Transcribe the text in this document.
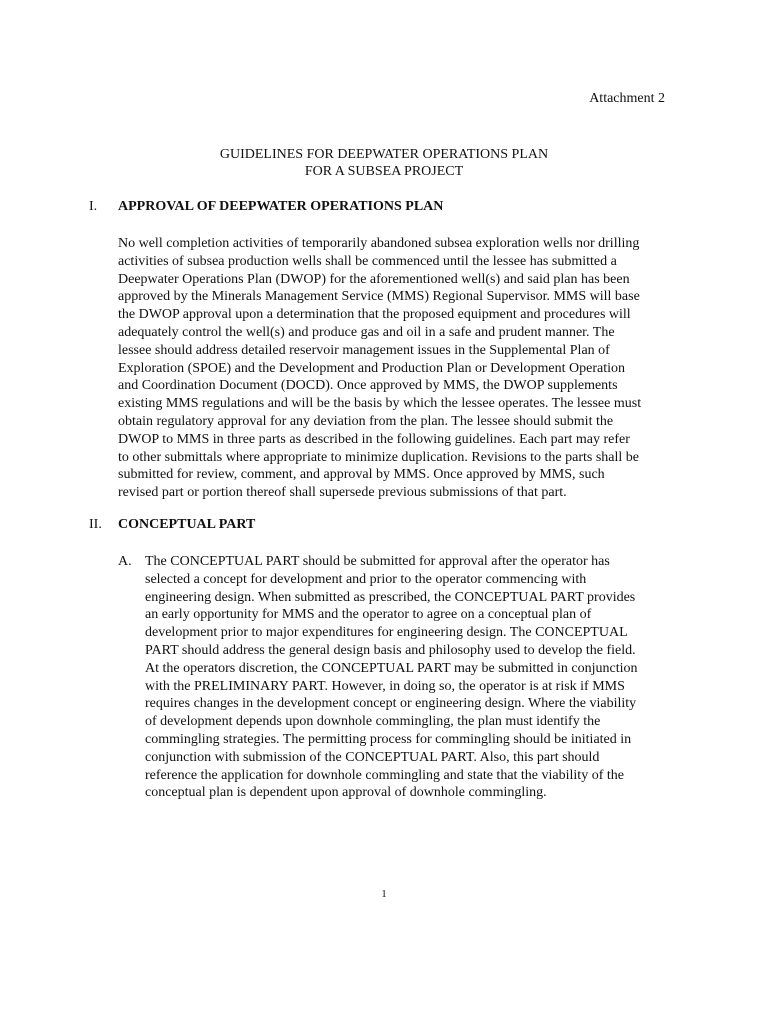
Attachment 2
GUIDELINES FOR DEEPWATER OPERATIONS PLAN
FOR A SUBSEA PROJECT
I. APPROVAL OF DEEPWATER OPERATIONS PLAN
No well completion activities of temporarily abandoned subsea exploration wells nor drilling
activities of subsea production wells shall be commenced until the lessee has submitted a
Deepwater Operations Plan (DWOP) for the aforementioned well(s) and said plan has been
approved by the Minerals Management Service (MMS) Regional Supervisor. MMS will base
the DWOP approval upon a determination that the proposed equipment and procedures will
adequately control the well(s) and produce gas and oil in a safe and prudent manner. The
lessee should address detailed reservoir management issues in the Supplemental Plan of
Exploration (SPOE) and the Development and Production Plan or Development Operation
and Coordination Document (DOCD). Once approved by MMS, the DWOP supplements
existing MMS regulations and will be the basis by which the lessee operates. The lessee must
obtain regulatory approval for any deviation from the plan. The lessee should submit the
DWOP to MMS in three parts as described in the following guidelines. Each part may refer
to other submittals where appropriate to minimize duplication. Revisions to the parts shall be
submitted for review, comment, and approval by MMS. Once approved by MMS, such
revised part or portion thereof shall supersede previous submissions of that part.
II. CONCEPTUAL PART
A. The CONCEPTUAL PART should be submitted for approval after the operator has
selected a concept for development and prior to the operator commencing with
engineering design. When submitted as prescribed, the CONCEPTUAL PART provides
an early opportunity for MMS and the operator to agree on a conceptual plan of
development prior to major expenditures for engineering design. The CONCEPTUAL
PART should address the general design basis and philosophy used to develop the field.
At the operators discretion, the CONCEPTUAL PART may be submitted in conjunction
with the PRELIMINARY PART. However, in doing so, the operator is at risk if MMS
requires changes in the development concept or engineering design. Where the viability
of development depends upon downhole commingling, the plan must identify the
commingling strategies. The permitting process for commingling should be initiated in
conjunction with submission of the CONCEPTUAL PART. Also, this part should
reference the application for downhole commingling and state that the viability of the
conceptual plan is dependent upon approval of downhole commingling.
1
